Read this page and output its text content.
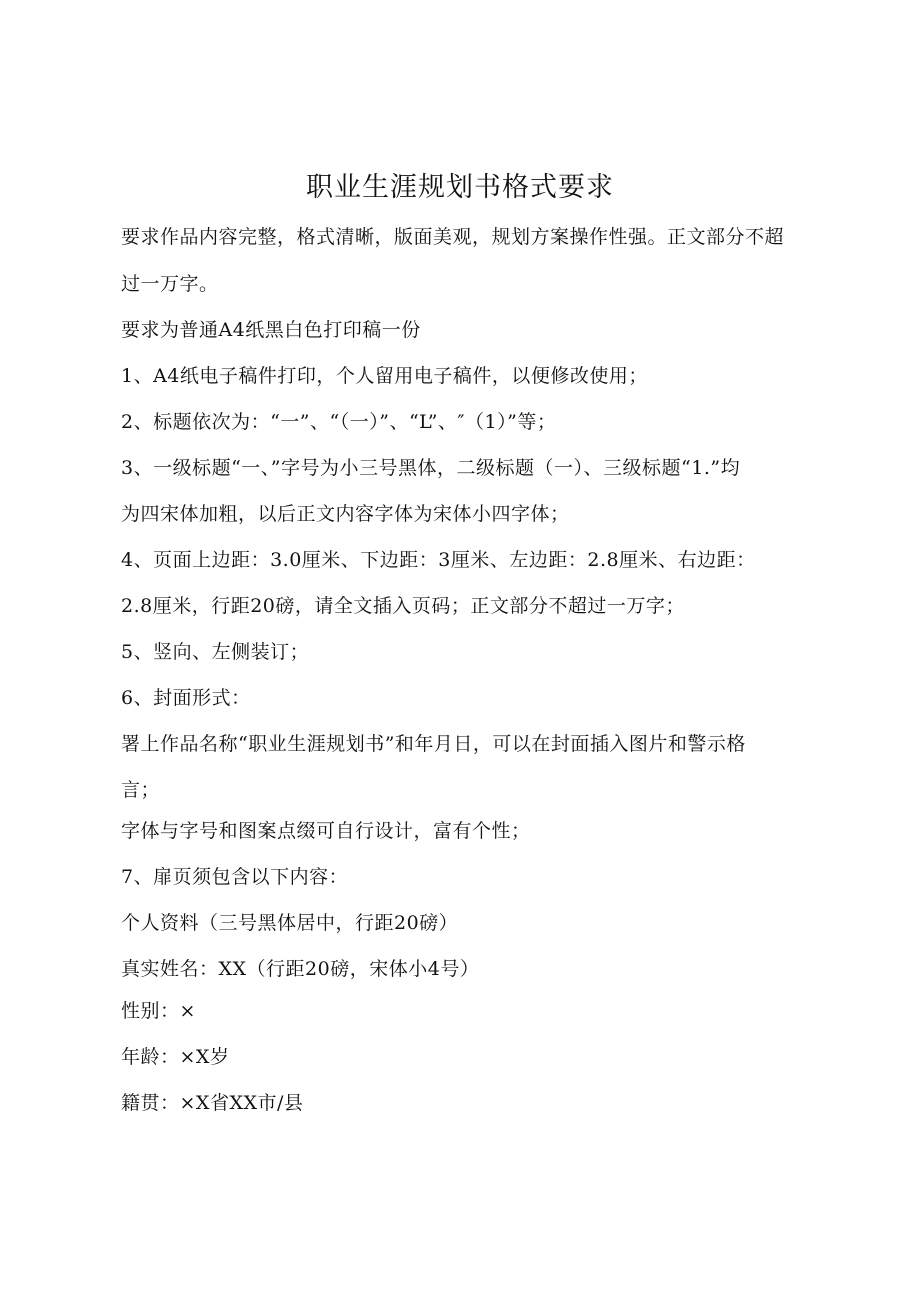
职业生涯规划书格式要求

要求作品内容完整，格式清晰，版面美观，规划方案操作性强。正文部分不超

过一万字。

要求为普通A4纸黑白色打印稿一份

1、A4纸电子稿件打印，个人留用电子稿件，以便修改使用；

2、标题依次为：“一”、“（一）”、“L”、″（1）”等；

3、一级标题“一、”字号为小三号黑体，二级标题（一）、三级标题“1.”均

为四宋体加粗，以后正文内容字体为宋体小四字体；

4、页面上边距：3.0厘米、下边距：3厘米、左边距：2.8厘米、右边距：

2.8厘米，行距20磅，请全文插入页码；正文部分不超过一万字；

5、竖向、左侧装订；

6、封面形式：

署上作品名称“职业生涯规划书”和年月日，可以在封面插入图片和警示格

言；

字体与字号和图案点缀可自行设计，富有个性；

7、扉页须包含以下内容：

个人资料（三号黑体居中，行距20磅）

真实姓名：XX（行距20磅，宋体小4号）

性别：×

年龄：×X岁

籍贯：×X省XX市/县
